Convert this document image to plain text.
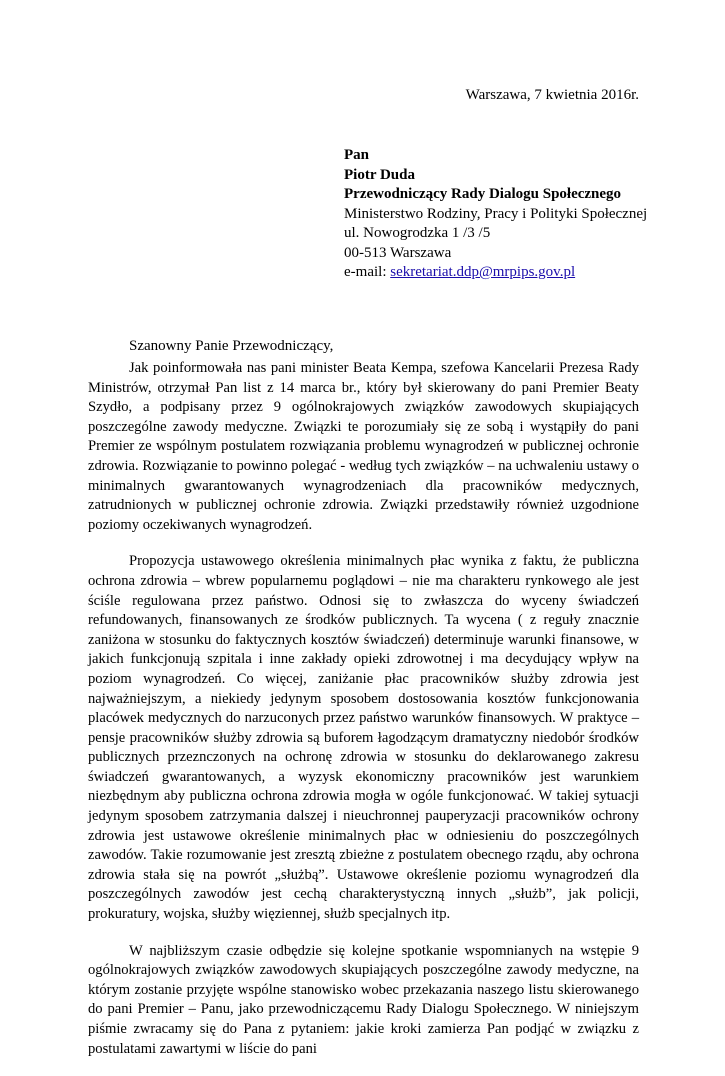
Warszawa, 7 kwietnia 2016r.
Pan
Piotr Duda
Przewodniczący Rady Dialogu Społecznego
Ministerstwo Rodziny, Pracy i Polityki Społecznej
ul. Nowogrodzka 1 /3 /5
00-513 Warszawa
e-mail: sekretariat.ddp@mrpips.gov.pl
Szanowny Panie Przewodniczący,

Jak poinformowała nas pani minister Beata Kempa, szefowa Kancelarii Prezesa Rady Ministrów, otrzymał Pan list z 14 marca br., który był skierowany do pani Premier Beaty Szydło, a podpisany przez 9 ogólnokrajowych związków zawodowych skupiających poszczególne zawody medyczne. Związki te porozumiały się ze sobą i wystąpiły do pani Premier ze wspólnym postulatem rozwiązania problemu wynagrodzeń w publicznej ochronie zdrowia. Rozwiązanie to powinno polegać - według tych związków – na uchwaleniu ustawy o minimalnych gwarantowanych wynagrodzeniach dla pracowników medycznych, zatrudnionych w publicznej ochronie zdrowia. Związki przedstawiły również uzgodnione poziomy oczekiwanych wynagrodzeń.

Propozycja ustawowego określenia minimalnych płac wynika z faktu, że publiczna ochrona zdrowia – wbrew popularnemu poglądowi – nie ma charakteru rynkowego ale jest ściśle regulowana przez państwo. Odnosi się to zwłaszcza do wyceny świadczeń refundowanych, finansowanych ze środków publicznych. Ta wycena ( z reguły znacznie zaniżona w stosunku do faktycznych kosztów świadczeń) determinuje warunki finansowe, w jakich funkcjonują szpitala i inne zakłady opieki zdrowotnej i ma decydujący wpływ na poziom wynagrodzeń. Co więcej, zaniżanie płac pracowników służby zdrowia jest najważniejszym, a niekiedy jedynym sposobem dostosowania kosztów funkcjonowania placówek medycznych do narzuconych przez państwo warunków finansowych. W praktyce – pensje pracowników służby zdrowia są buforem łagodzącym dramatyczny niedobór środków publicznych przeznczonych na ochronę zdrowia w stosunku do deklarowanego zakresu świadczeń gwarantowanych, a wyzysk ekonomiczny pracowników jest warunkiem niezbędnym aby publiczna ochrona zdrowia mogła w ogóle funkcjonować. W takiej sytuacji jedynym sposobem zatrzymania dalszej i nieuchronnej pauperyzacji pracowników ochrony zdrowia jest ustawowe określenie minimalnych płac w odniesieniu do poszczególnych zawodów. Takie rozumowanie jest zresztą zbieżne z postulatem obecnego rządu, aby ochrona zdrowia stała się na powrót „służbą”. Ustawowe określenie poziomu wynagrodzeń dla poszczególnych zawodów jest cechą charakterystyczną innych „służb”, jak policji, prokuratury, wojska, służby więziennej, służb specjalnych itp.

W najbliższym czasie odbędzie się kolejne spotkanie wspomnianych na wstępie 9 ogólnokrajowych związków zawodowych skupiających poszczególne zawody medyczne, na którym zostanie przyjęte wspólne stanowisko wobec przekazania naszego listu skierowanego do pani Premier – Panu, jako przewodniczącemu Rady Dialogu Społecznego. W niniejszym piśmie zwracamy się do Pana z pytaniem: jakie kroki zamierza Pan podjąć w związku z postulatami zawartymi w liście do pani
